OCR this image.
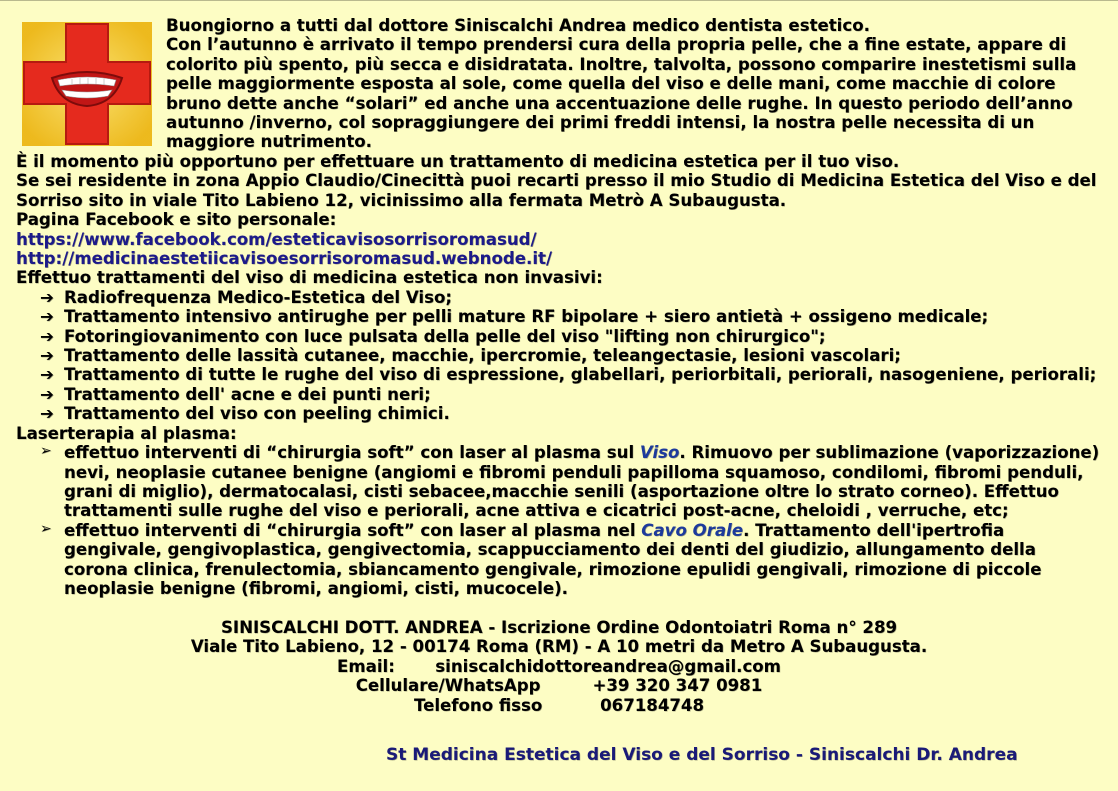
Buongiorno a tutti dal dottore Siniscalchi Andrea medico dentista estetico.
Con l’autunno è arrivato il tempo prendersi cura della propria pelle, che a fine estate, appare di
colorito più spento, più secca e disidratata. Inoltre, talvolta, possono comparire inestetismi sulla
pelle maggiormente esposta al sole, come quella del viso e delle mani, come macchie di colore
bruno dette anche “solari” ed anche una accentuazione delle rughe. In questo periodo dell’anno
autunno /inverno, col sopraggiungere dei primi freddi intensi, la nostra pelle necessita di un
maggiore nutrimento.
È il momento più opportuno per effettuare un trattamento di medicina estetica per il tuo viso.
Se sei residente in zona Appio Claudio/Cinecittà puoi recarti presso il mio Studio di Medicina Estetica del Viso e del
Sorriso sito in viale Tito Labieno 12, vicinissimo alla fermata Metrò A Subaugusta.
Pagina Facebook e sito personale:
https://www.facebook.com/esteticavisosorrisoromasud/
http://medicinaestetiicavisoesorrisoromasud.webnode.it/
Effettuo trattamenti del viso di medicina estetica non invasivi:
➔ Radiofrequenza Medico-Estetica del Viso;
➔ Trattamento intensivo antirughe per pelli mature RF bipolare + siero antietà + ossigeno medicale;
➔ Fotoringiovanimento con luce pulsata della pelle del viso "lifting non chirurgico";
➔ Trattamento delle lassità cutanee, macchie, ipercromie, teleangectasie, lesioni vascolari;
➔ Trattamento di tutte le rughe del viso di espressione, glabellari, periorbitali, periorali, nasogeniene, periorali;
➔ Trattamento dell' acne e dei punti neri;
➔ Trattamento del viso con peeling chimici.
Laserterapia al plasma:
➢ effettuo interventi di “chirurgia soft” con laser al plasma sul Viso. Rimuovo per sublimazione (vaporizzazione) nevi, neoplasie cutanee benigne (angiomi e fibromi penduli papilloma squamoso, condilomi, fibromi penduli, grani di miglio), dermatocalasi, cisti sebacee,macchie senili (asportazione oltre lo strato corneo). Effettuo trattamenti sulle rughe del viso e periorali, acne attiva e cicatrici post-acne, cheloidi , verruche, etc;
➢ effettuo interventi di “chirurgia soft” con laser al plasma nel Cavo Orale. Trattamento dell'ipertrofia gengivale, gengivoplastica, gengivectomia, scappucciamento dei denti del giudizio, allungamento della corona clinica, frenulectomia, sbiancamento gengivale, rimozione epulidi gengivali, rimozione di piccole neoplasie benigne (fibromi, angiomi, cisti, mucocele).
SINISCALCHI DOTT. ANDREA - Iscrizione Ordine Odontoiatri Roma n° 289
Viale Tito Labieno, 12 - 00174 Roma (RM) - A 10 metri da Metro A Subaugusta.
Email: siniscalchidottoreandrea@gmail.com
Cellulare/WhatsApp	+39 320 347 0981
Telefono fisso	067184748
St Medicina Estetica del Viso e del Sorriso - Siniscalchi Dr. Andrea
